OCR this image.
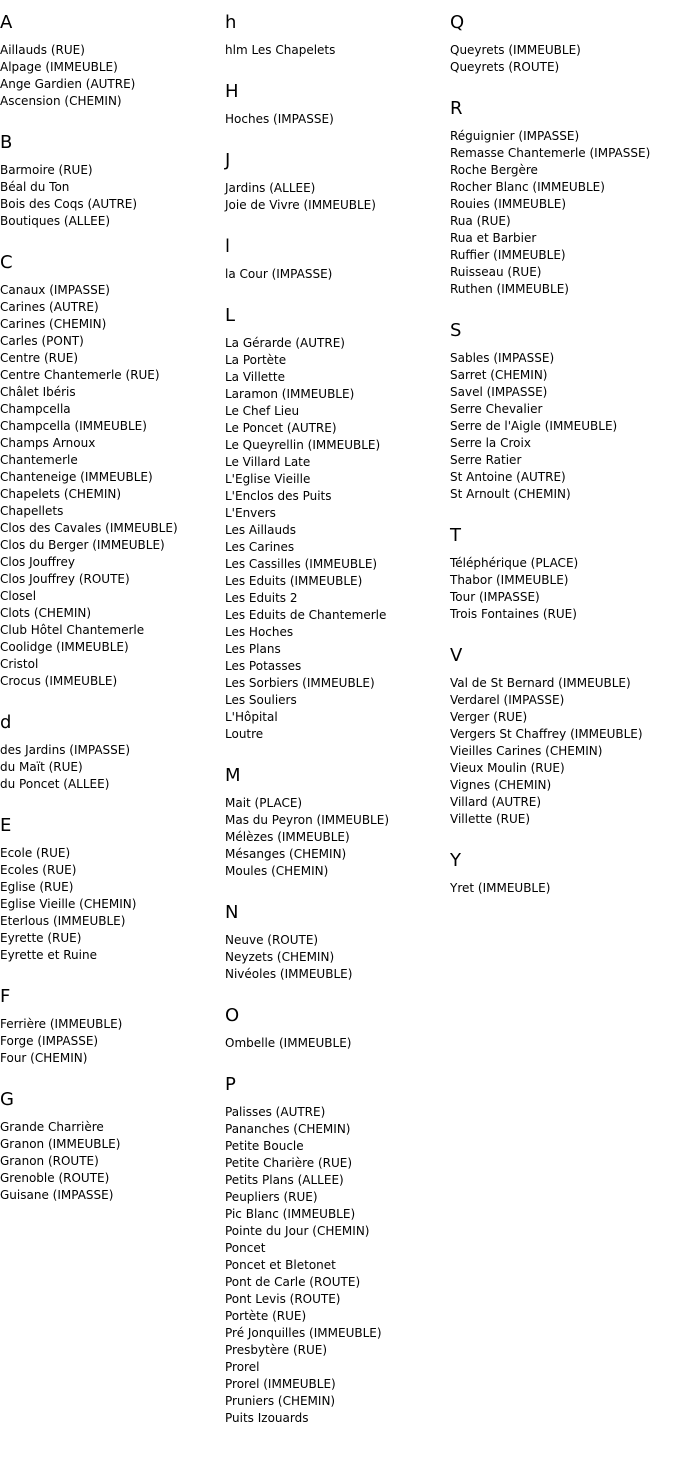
A
Aillauds (RUE)
Alpage (IMMEUBLE)
Ange Gardien (AUTRE)
Ascension (CHEMIN)
B
Barmoire (RUE)
Béal du Ton
Bois des Coqs (AUTRE)
Boutiques (ALLEE)
C
Canaux (IMPASSE)
Carines (AUTRE)
Carines (CHEMIN)
Carles (PONT)
Centre (RUE)
Centre Chantemerle (RUE)
Châlet Ibéris
Champcella
Champcella (IMMEUBLE)
Champs Arnoux
Chantemerle
Chanteneige (IMMEUBLE)
Chapelets (CHEMIN)
Chapellets
Clos des Cavales (IMMEUBLE)
Clos du Berger (IMMEUBLE)
Clos Jouffrey
Clos Jouffrey (ROUTE)
Closel
Clots (CHEMIN)
Club Hôtel Chantemerle
Coolidge (IMMEUBLE)
Cristol
Crocus (IMMEUBLE)
d
des Jardins (IMPASSE)
du Maït (RUE)
du Poncet (ALLEE)
E
Ecole (RUE)
Ecoles (RUE)
Eglise (RUE)
Eglise Vieille (CHEMIN)
Eterlous (IMMEUBLE)
Eyrette (RUE)
Eyrette et Ruine
F
Ferrière (IMMEUBLE)
Forge (IMPASSE)
Four (CHEMIN)
G
Grande Charrière
Granon (IMMEUBLE)
Granon (ROUTE)
Grenoble (ROUTE)
Guisane (IMPASSE)
h
hlm Les Chapelets
H
Hoches (IMPASSE)
J
Jardins (ALLEE)
Joie de Vivre (IMMEUBLE)
l
la Cour (IMPASSE)
L
La Gérarde (AUTRE)
La Portète
La Villette
Laramon (IMMEUBLE)
Le Chef Lieu
Le Poncet (AUTRE)
Le Queyrellin (IMMEUBLE)
Le Villard Late
L'Eglise Vieille
L'Enclos des Puits
L'Envers
Les Aillauds
Les Carines
Les Cassilles (IMMEUBLE)
Les Eduits (IMMEUBLE)
Les Eduits 2
Les Eduits de Chantemerle
Les Hoches
Les Plans
Les Potasses
Les Sorbiers (IMMEUBLE)
Les Souliers
L'Hôpital
Loutre
M
Mait (PLACE)
Mas du Peyron (IMMEUBLE)
Mélèzes (IMMEUBLE)
Mésanges (CHEMIN)
Moules (CHEMIN)
N
Neuve (ROUTE)
Neyzets (CHEMIN)
Nivéoles (IMMEUBLE)
O
Ombelle (IMMEUBLE)
P
Palisses (AUTRE)
Pananches (CHEMIN)
Petite Boucle
Petite Charière (RUE)
Petits Plans (ALLEE)
Peupliers (RUE)
Pic Blanc (IMMEUBLE)
Pointe du Jour (CHEMIN)
Poncet
Poncet et Bletonet
Pont de Carle (ROUTE)
Pont Levis (ROUTE)
Portète (RUE)
Pré Jonquilles (IMMEUBLE)
Presbytère (RUE)
Prorel
Prorel (IMMEUBLE)
Pruniers (CHEMIN)
Puits Izouards
Q
Queyrets (IMMEUBLE)
Queyrets (ROUTE)
R
Réguignier (IMPASSE)
Remasse Chantemerle (IMPASSE)
Roche Bergère
Rocher Blanc (IMMEUBLE)
Rouies (IMMEUBLE)
Rua (RUE)
Rua et Barbier
Ruffier (IMMEUBLE)
Ruisseau (RUE)
Ruthen (IMMEUBLE)
S
Sables (IMPASSE)
Sarret (CHEMIN)
Savel (IMPASSE)
Serre Chevalier
Serre de l'Aigle (IMMEUBLE)
Serre la Croix
Serre Ratier
St Antoine (AUTRE)
St Arnoult (CHEMIN)
T
Téléphérique (PLACE)
Thabor (IMMEUBLE)
Tour (IMPASSE)
Trois Fontaines (RUE)
V
Val de St Bernard (IMMEUBLE)
Verdarel (IMPASSE)
Verger (RUE)
Vergers St Chaffrey (IMMEUBLE)
Vieilles Carines (CHEMIN)
Vieux Moulin (RUE)
Vignes (CHEMIN)
Villard (AUTRE)
Villette (RUE)
Y
Yret (IMMEUBLE)
